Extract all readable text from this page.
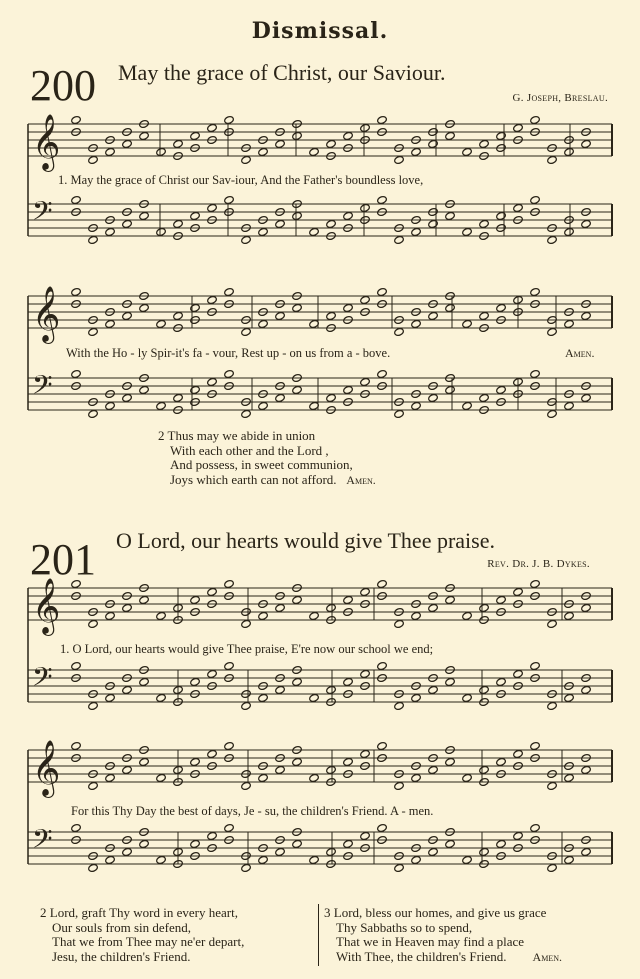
Dismissal.
200 May the grace of Christ, our Saviour.
G. Joseph, Breslau.
𝄞
𝄢
𝄞
𝄢
𝄞
𝄢
𝄞
𝄢
1. May the grace of Christ our Sav-iour, And the Father's boundless love,
With the Ho - ly Spir-it's fa - vour, Rest up - on us from a - bove.	Amen.
2 Thus may we abide in union
With each other and the Lord ,
And possess, in sweet communion,
Joys which earth can not afford. Amen.
201 O Lord, our hearts would give Thee praise.
Rev. Dr. J. B. Dykes.
1. O Lord, our hearts would give Thee praise, E're now our school we end;
For this Thy Day the best of days, Je - su, the children's Friend. A - men.
2 Lord, graft Thy word in every heart,
Our souls from sin defend,
That we from Thee may ne'er depart,
Jesu, the children's Friend.
3 Lord, bless our homes, and give us grace
Thy Sabbaths so to spend,
That we in Heaven may find a place
With Thee, the children's Friend. Amen.
